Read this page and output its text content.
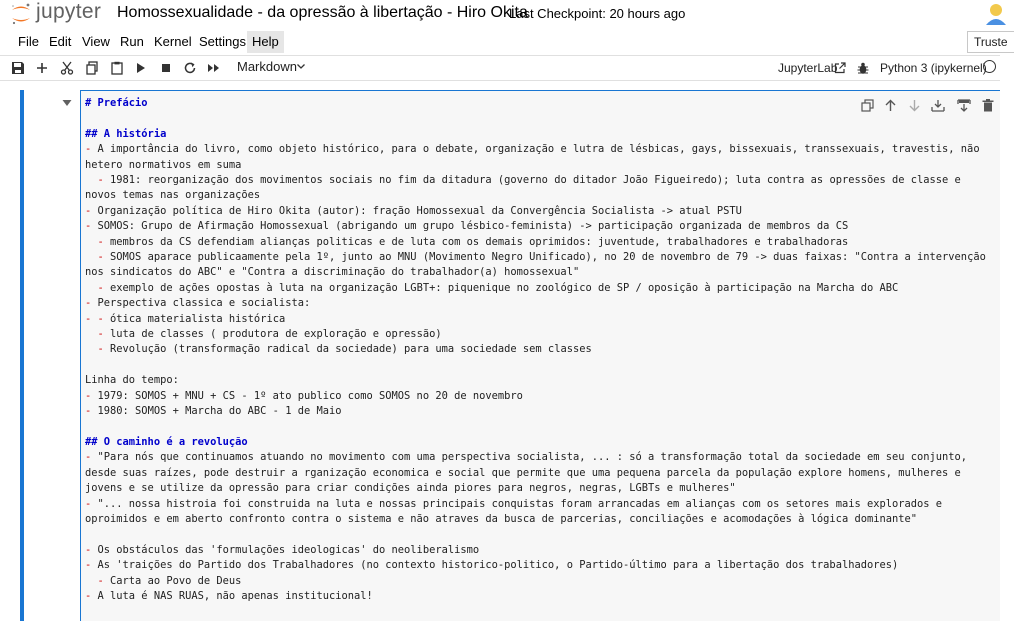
jupyter Homossexualidade - da opressão à libertação - Hiro Okita
Last Checkpoint: 20 hours ago
File Edit View Run Kernel Settings Help	Truste
Markdown	JupyterLab	Python 3 (ipykernel)
# Prefácio
## A história
- A importância do livro, como objeto histórico, para o debate, organização e lutra de lésbicas, gays, bissexuais, transsexuais, travestis, não hetero normativos em suma
- 1981: reorganização dos movimentos sociais no fim da ditadura (governo do ditador João Figueiredo); luta contra as opressões de classe e novos temas nas organizações
- Organização política de Hiro Okita (autor): fração Homossexual da Convergência Socialista -> atual PSTU
- SOMOS: Grupo de Afirmação Homossexual (abrigando um grupo lésbico-feminista) -> participação organizada de membros da CS
- membros da CS defendiam alianças politicas e de luta com os demais oprimidos: juventude, trabalhadores e trabalhadoras
- SOMOS aparace publicaamente pela 1º, junto ao MNU (Movimento Negro Unificado), no 20 de novembro de 79 -> duas faixas: "Contra a intervenção nos sindicatos do ABC" e "Contra a discriminação do trabalhador(a) homossexual"
- exemplo de ações opostas à luta na organização LGBT+: piquenique no zoológico de SP / oposição à participação na Marcha do ABC
- Perspectiva classica e socialista:
- - ótica materialista histórica
- luta de classes ( produtora de exploração e opressão)
- Revolução (transformação radical da sociedade) para uma sociedade sem classes
Linha do tempo:
- 1979: SOMOS + MNU + CS - 1º ato publico como SOMOS no 20 de novembro
- 1980: SOMOS + Marcha do ABC - 1 de Maio
## O caminho é a revolução
- "Para nós que continuamos atuando no movimento com uma perspectiva socialista, ... : só a transformação total da sociedade em seu conjunto, desde suas raízes, pode destruir a rganização economica e social que permite que uma pequena parcela da população explore homens, mulheres e jovens e se utilize da opressão para criar condições ainda piores para negros, negras, LGBTs e mulheres"
- "... nossa histroia foi construida na luta e nossas principais conquistas foram arrancadas em alianças com os setores mais explorados e oproimidos e em aberto confronto contra o sistema e não atraves da busca de parcerias, conciliações e acomodações à lógica dominante"
- Os obstáculos das 'formulações ideologicas' do neoliberalismo
- As 'traições do Partido dos Trabalhadores (no contexto historico-politico, o Partido-último para a libertação dos trabalhadores)
- Carta ao Povo de Deus
- A luta é NAS RUAS, não apenas institucional!
